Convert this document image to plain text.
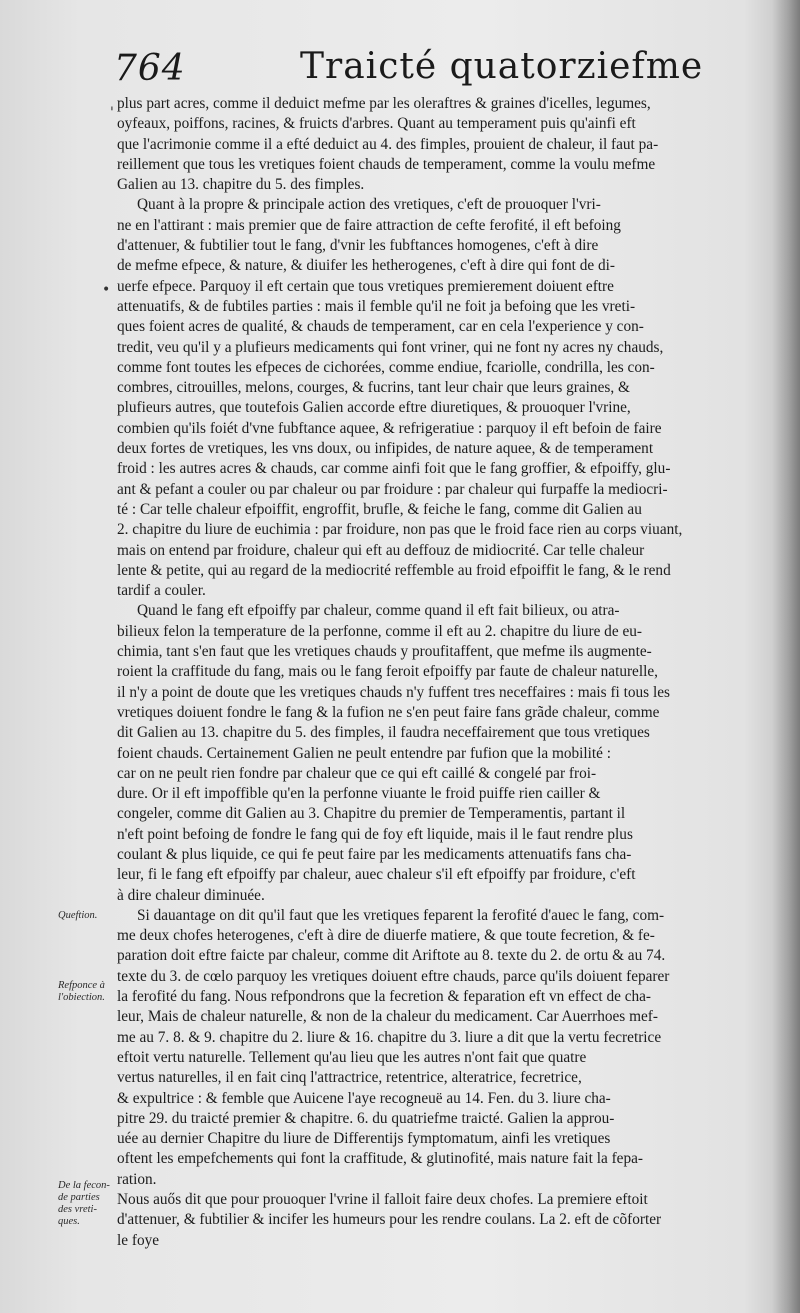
764	Traicté quatorziefme
'
•

plus part acres, comme il deduict mefme par les oleraftres & graines d'icelles, legumes,
oyfeaux, poiffons, racines, & fruicts d'arbres. Quant au temperament puis qu'ainfi eft
que l'acrimonie comme il a efté deduict au 4. des fimples, prouient de chaleur, il faut pa-
reillement que tous les vretiques foient chauds de temperament, comme la voulu mefme
Galien au 13. chapitre du 5. des fimples.

Quant à la propre & principale action des vretiques, c'eft de prouoquer l'vri-
ne en l'attirant : mais premier que de faire attraction de cefte ferofité, il eft befoing
d'attenuer, & fubtilier tout le fang, d'vnir les fubftances homogenes, c'eft à dire
de mefme efpece, & nature, & diuifer les hetherogenes, c'eft à dire qui font de di-
uerfe efpece. Parquoy il eft certain que tous vretiques premierement doiuent eftre
attenuatifs, & de fubtiles parties : mais il femble qu'il ne foit ja befoing que les vreti-
ques foient acres de qualité, & chauds de temperament, car en cela l'experience y con-
tredit, veu qu'il y a plufieurs medicaments qui font vriner, qui ne font ny acres ny chauds,
comme font toutes les efpeces de cichorées, comme endiue, fcariolle, condrilla, les con-
combres, citrouilles, melons, courges, & fucrins, tant leur chair que leurs graines, &
plufieurs autres, que toutefois Galien accorde eftre diuretiques, & prouoquer l'vrine,
combien qu'ils foiét d'vne fubftance aquee, & refrigeratiue : parquoy il eft befoin de faire
deux fortes de vretiques, les vns doux, ou infipides, de nature aquee, & de temperament
froid : les autres acres & chauds, car comme ainfi foit que le fang groffier, & efpoiffy, glu-
ant & pefant a couler ou par chaleur ou par froidure : par chaleur qui furpaffe la mediocri-
té : Car telle chaleur efpoiffit, engroffit, brufle, & feiche le fang, comme dit Galien au
2. chapitre du liure de euchimia : par froidure, non pas que le froid face rien au corps viuant,
mais on entend par froidure, chaleur qui eft au deffouz de midiocrité. Car telle chaleur
lente & petite, qui au regard de la mediocrité reffemble au froid efpoiffit le fang, & le rend
tardif a couler.

Quand le fang eft efpoiffy par chaleur, comme quand il eft fait bilieux, ou atra-
bilieux felon la temperature de la perfonne, comme il eft au 2. chapitre du liure de eu-
chimia, tant s'en faut que les vretiques chauds y proufitaffent, que mefme ils augmente-
roient la craffitude du fang, mais ou le fang feroit efpoiffy par faute de chaleur naturelle,
il n'y a point de doute que les vretiques chauds n'y fuffent tres neceffaires : mais fi tous les
vretiques doiuent fondre le fang & la fufion ne s'en peut faire fans grãde chaleur, comme
dit Galien au 13. chapitre du 5. des fimples, il faudra neceffairement que tous vretiques
foient chauds. Certainement Galien ne peult entendre par fufion que la mobilité :
car on ne peult rien fondre par chaleur que ce qui eft caillé & congelé par froi-
dure. Or il eft impoffible qu'en la perfonne viuante le froid puiffe rien cailler &
congeler, comme dit Galien au 3. Chapitre du premier de Temperamentis, partant il
n'eft point befoing de fondre le fang qui de foy eft liquide, mais il le faut rendre plus
coulant & plus liquide, ce qui fe peut faire par les medicaments attenuatifs fans cha-
leur, fi le fang eft efpoiffy par chaleur, auec chaleur s'il eft efpoiffy par froidure, c'eft
à dire chaleur diminuée.

Si dauantage on dit qu'il faut que les vretiques feparent la ferofité d'auec le fang, com-
me deux chofes heterogenes, c'eft à dire de diuerfe matiere, & que toute fecretion, & fe-
paration doit eftre faicte par chaleur, comme dit Ariftote au 8. texte du 2. de ortu & au 74.
texte du 3. de cœlo parquoy les vretiques doiuent eftre chauds, parce qu'ils doiuent feparer
la ferofité du fang. Nous refpondrons que la fecretion & feparation eft vn effect de cha-
leur, Mais de chaleur naturelle, & non de la chaleur du medicament. Car Auerrhoes mef-
me au 7. 8. & 9. chapitre du 2. liure & 16. chapitre du 3. liure a dit que la vertu fecretrice
eftoit vertu naturelle. Tellement qu'au lieu que les autres n'ont fait que quatre
vertus naturelles, il en fait cinq l'attractrice, retentrice, alteratrice, fecretrice,
& expultrice : & femble que Auicene l'aye recogneuë au 14. Fen. du 3. liure cha-
pitre 29. du traicté premier & chapitre. 6. du quatriefme traicté. Galien la approu-
uée au dernier Chapitre du liure de Differentijs fymptomatum, ainfi les vretiques
oftent les empefchements qui font la craffitude, & glutinofité, mais nature fait la fepa-
ration.

Nous auős dit que pour prouoquer l'vrine il falloit faire deux chofes. La premiere eftoit
d'attenuer, & fubtilier & incifer les humeurs pour les rendre coulans. La 2. eft de cõforter
le foye

Queftion.
Refponce à l'obiection.
De la fecon-
de parties
des vreti-
ques.
